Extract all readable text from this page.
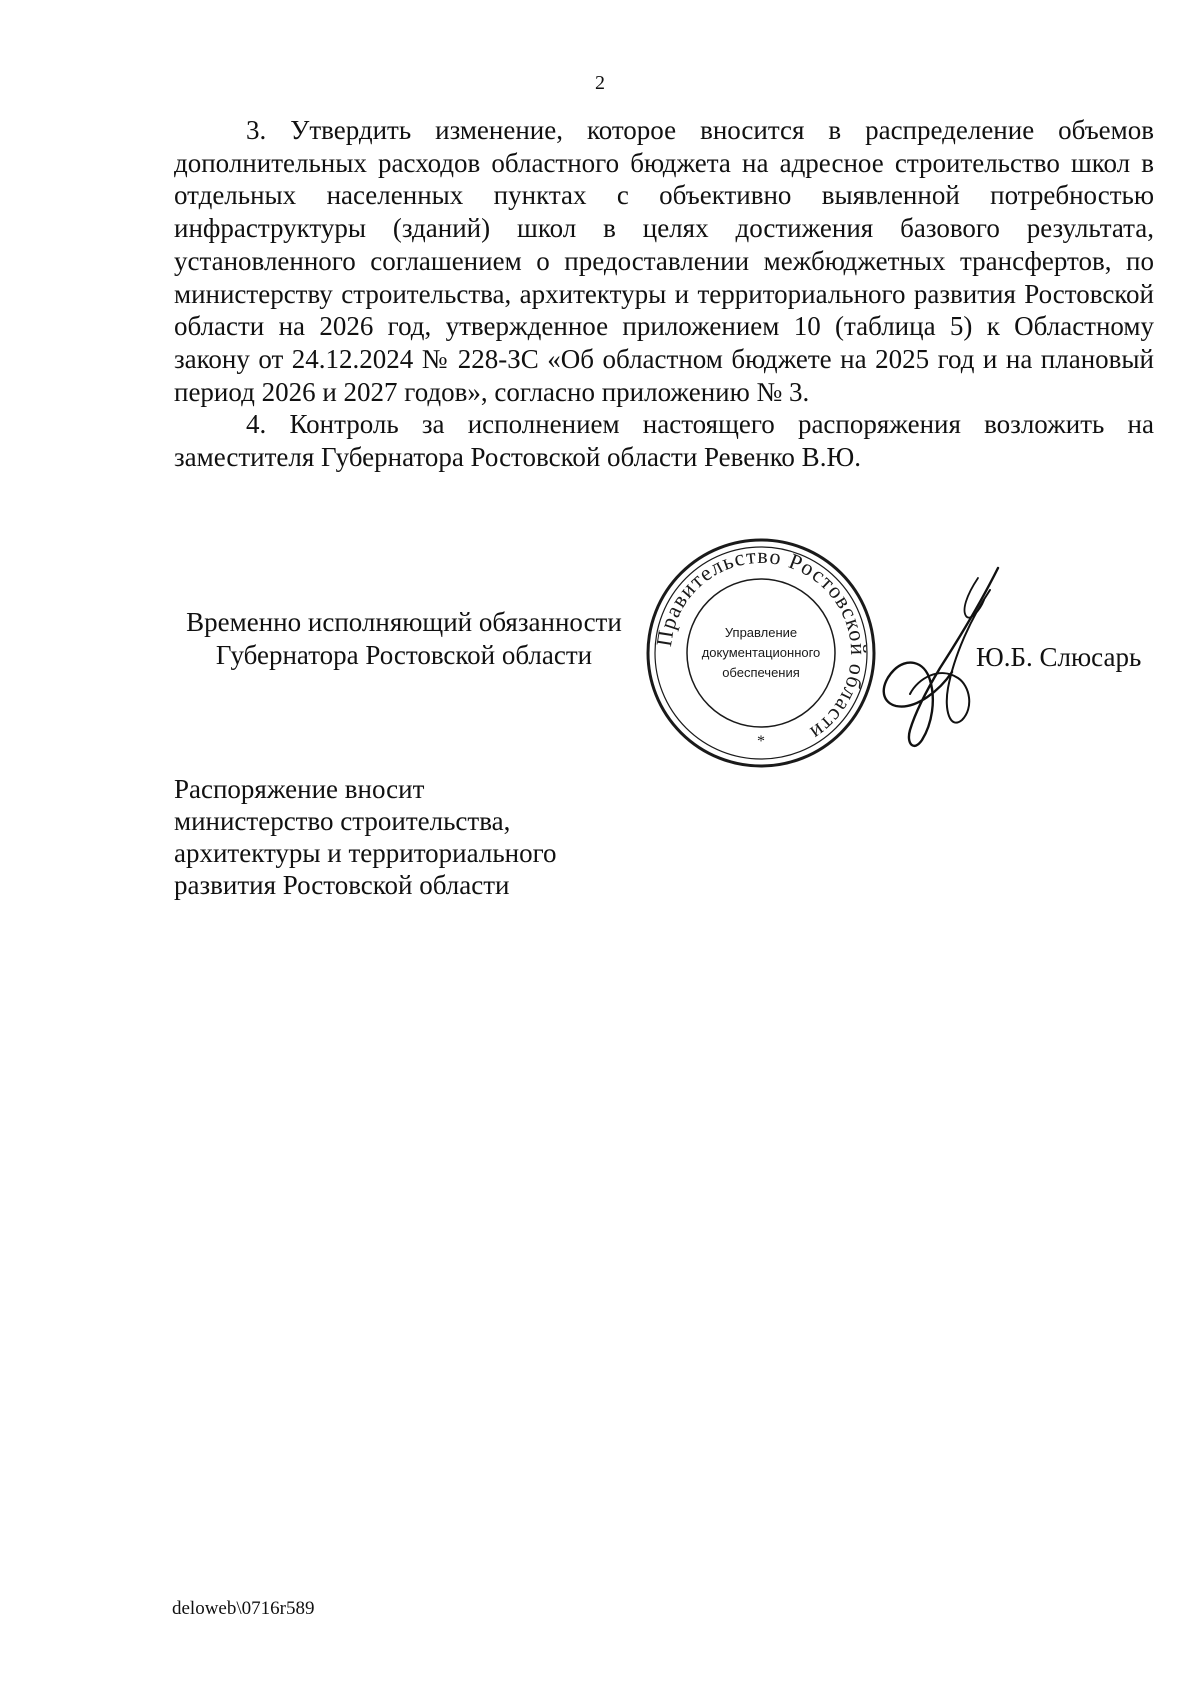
2

3. Утвердить изменение, которое вносится в распределение объемов дополнительных расходов областного бюджета на адресное строительство школ в отдельных населенных пунктах с объективно выявленной потребностью инфраструктуры (зданий) школ в целях достижения базового результата, установленного соглашением о предоставлении межбюджетных трансфертов, по министерству строительства, архитектуры и территориального развития Ростовской области на 2026 год, утвержденное приложением 10 (таблица 5) к Областному закону от 24.12.2024 № 228-ЗС «Об областном бюджете на 2025 год и на плановый период 2026 и 2027 годов», согласно приложению № 3.

4. Контроль за исполнением настоящего распоряжения возложить на заместителя Губернатора Ростовской области Ревенко В.Ю.

Временно исполняющий обязанности
Губернатора Ростовской области
Правительство Ростовской области
Управление
документационного
обеспечения
*
Ю.Б. Слюсарь
Распоряжение вносит
министерство строительства,
архитектуры и территориального
развития Ростовской области
deloweb\0716r589
